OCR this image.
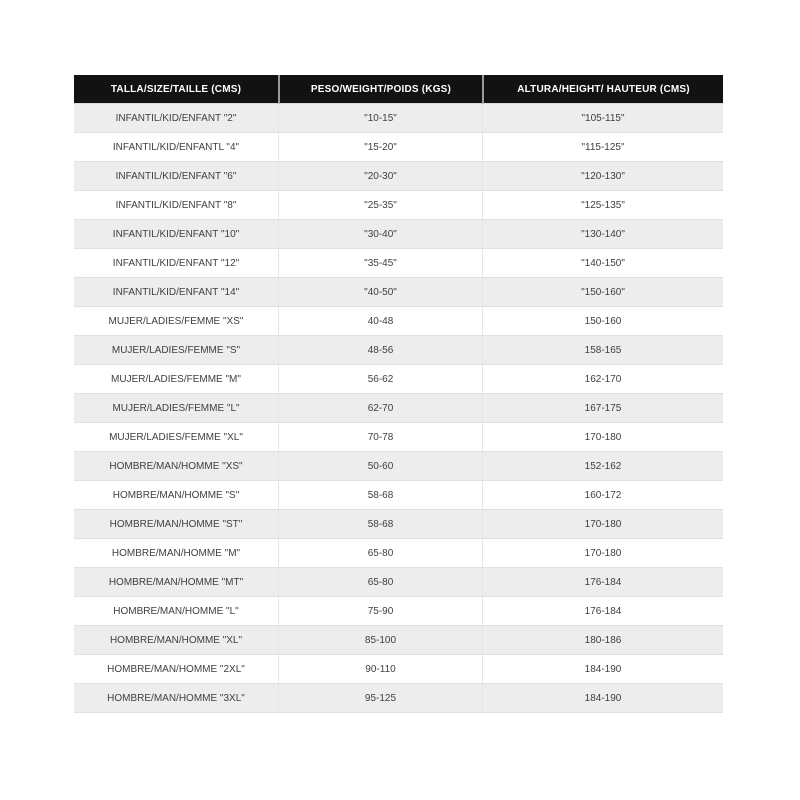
TALLA/SIZE/TAILLE (CMS)	PESO/WEIGHT/POIDS (KGS)	ALTURA/HEIGHT/ HAUTEUR (CMS)
INFANTIL/KID/ENFANT "2"	"10-15"	"105-115"
INFANTIL/KID/ENFANTL "4"	"15-20"	"115-125"
INFANTIL/KID/ENFANT "6"	"20-30"	"120-130"
INFANTIL/KID/ENFANT "8"	"25-35"	"125-135"
INFANTIL/KID/ENFANT "10"	"30-40"	"130-140"
INFANTIL/KID/ENFANT "12"	"35-45"	"140-150"
INFANTIL/KID/ENFANT "14"	"40-50"	"150-160"
MUJER/LADIES/FEMME "XS"	40-48	150-160
MUJER/LADIES/FEMME "S"	48-56	158-165
MUJER/LADIES/FEMME "M"	56-62	162-170
MUJER/LADIES/FEMME "L"	62-70	167-175
MUJER/LADIES/FEMME "XL"	70-78	170-180
HOMBRE/MAN/HOMME "XS"	50-60	152-162
HOMBRE/MAN/HOMME "S"	58-68	160-172
HOMBRE/MAN/HOMME "ST"	58-68	170-180
HOMBRE/MAN/HOMME "M"	65-80	170-180
HOMBRE/MAN/HOMME "MT"	65-80	176-184
HOMBRE/MAN/HOMME "L"	75-90	176-184
HOMBRE/MAN/HOMME "XL"	85-100	180-186
HOMBRE/MAN/HOMME "2XL"	90-110	184-190
HOMBRE/MAN/HOMME "3XL"	95-125	184-190
